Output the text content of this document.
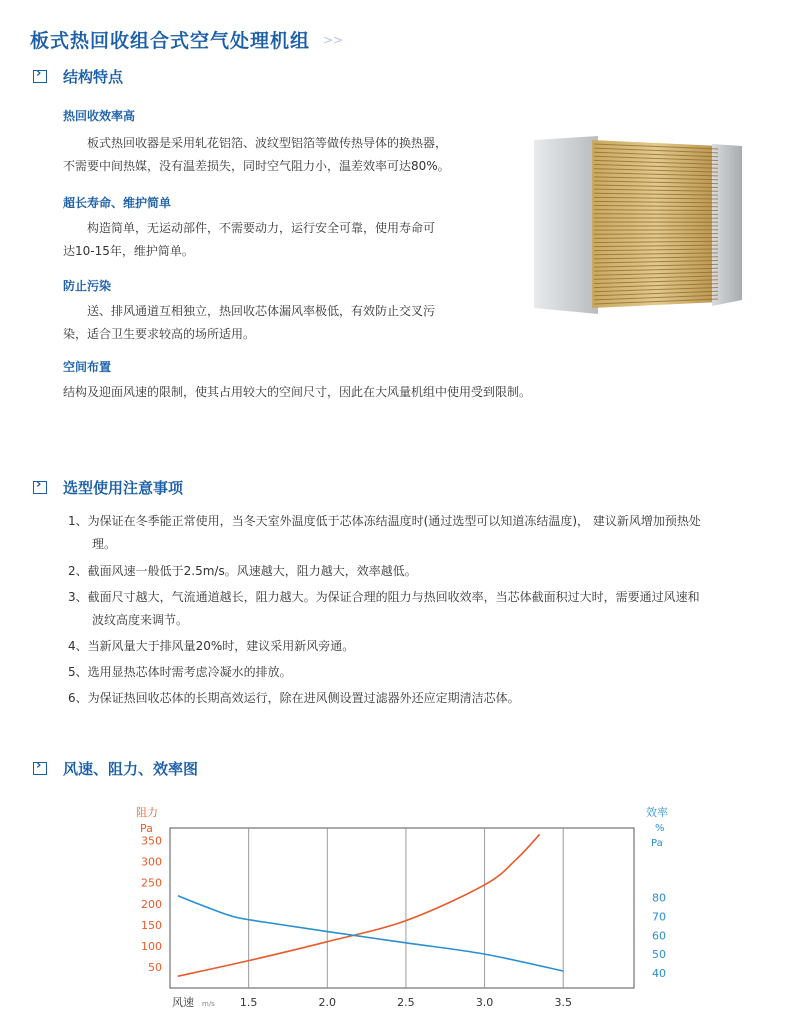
板式热回收组合式空气处理机组 >>
›
结构特点
热回收效率高
　　板式热回收器是采用轧花铝箔、波纹型铝箔等做传热导体的换热器，
不需要中间热媒，没有温差损失，同时空气阻力小，温差效率可达80%。
超长寿命、维护简单
　　构造简单，无运动部件，不需要动力，运行安全可靠，使用寿命可
达10-15年，维护简单。
防止污染
　　送、排风通道互相独立，热回收芯体漏风率极低，有效防止交叉污
染，适合卫生要求较高的场所适用。
空间布置
结构及迎面风速的限制，使其占用较大的空间尺寸，因此在大风量机组中使用受到限制。
›
选型使用注意事项
1、为保证在冬季能正常使用，当冬天室外温度低于芯体冻结温度时(通过选型可以知道冻结温度)， 建议新风增加预热处
　　理。
2、截面风速一般低于2.5m/s。风速越大，阻力越大，效率越低。
3、截面尺寸越大，气流通道越长，阻力越大。为保证合理的阻力与热回收效率，当芯体截面积过大时，需要通过风速和
　　波纹高度来调节。
4、当新风量大于排风量20%时，建议采用新风旁通。
5、选用显热芯体时需考虑冷凝水的排放。
6、为保证热回收芯体的长期高效运行，除在进风侧设置过滤器外还应定期清洁芯体。
›
风速、阻力、效率图
350
300
250
200
150
100
50
80
70
60
50
40
1.5	2.0	2.5	3.0	3.5
阻力
Pa
效率
%
Pa
风速 m/s
